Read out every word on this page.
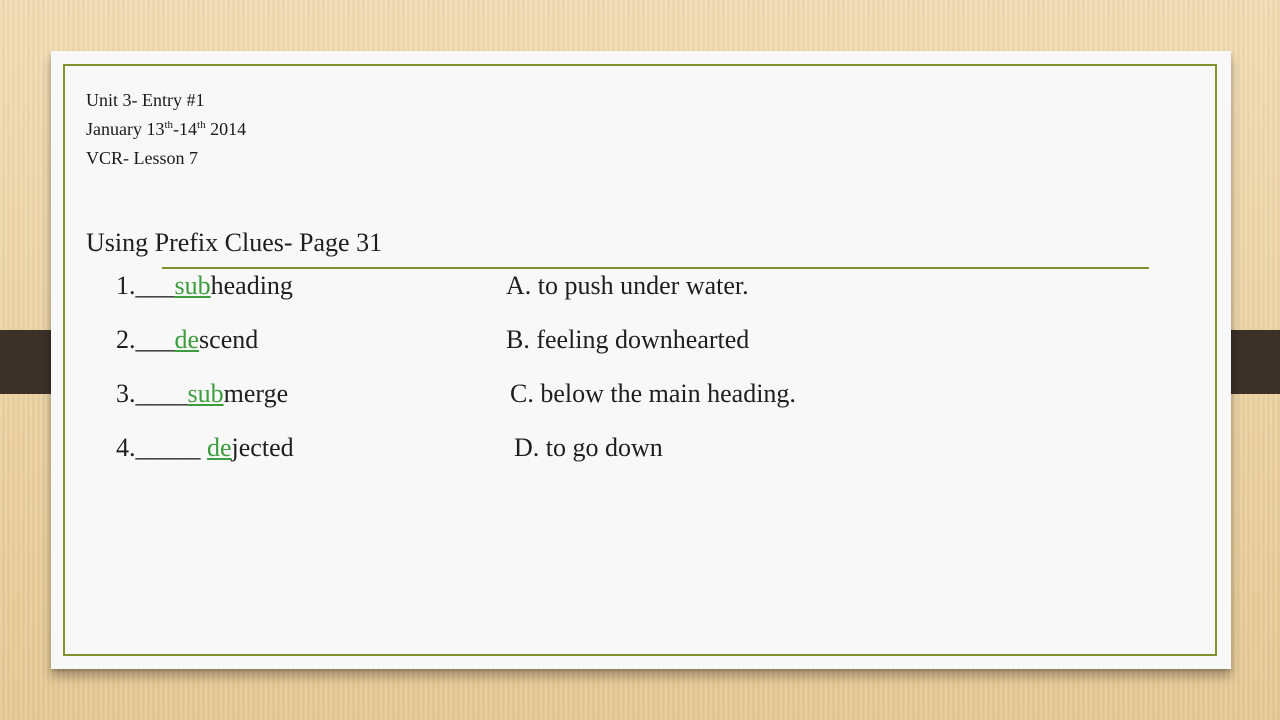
Unit 3- Entry #1
January 13th-14th 2014
VCR- Lesson 7
Using Prefix Clues- Page 31
1.___subheading	A. to push under water.
2.___descend	B. feeling downhearted
3.____submerge	C. below the main heading.
4._____ dejected	D. to go down
